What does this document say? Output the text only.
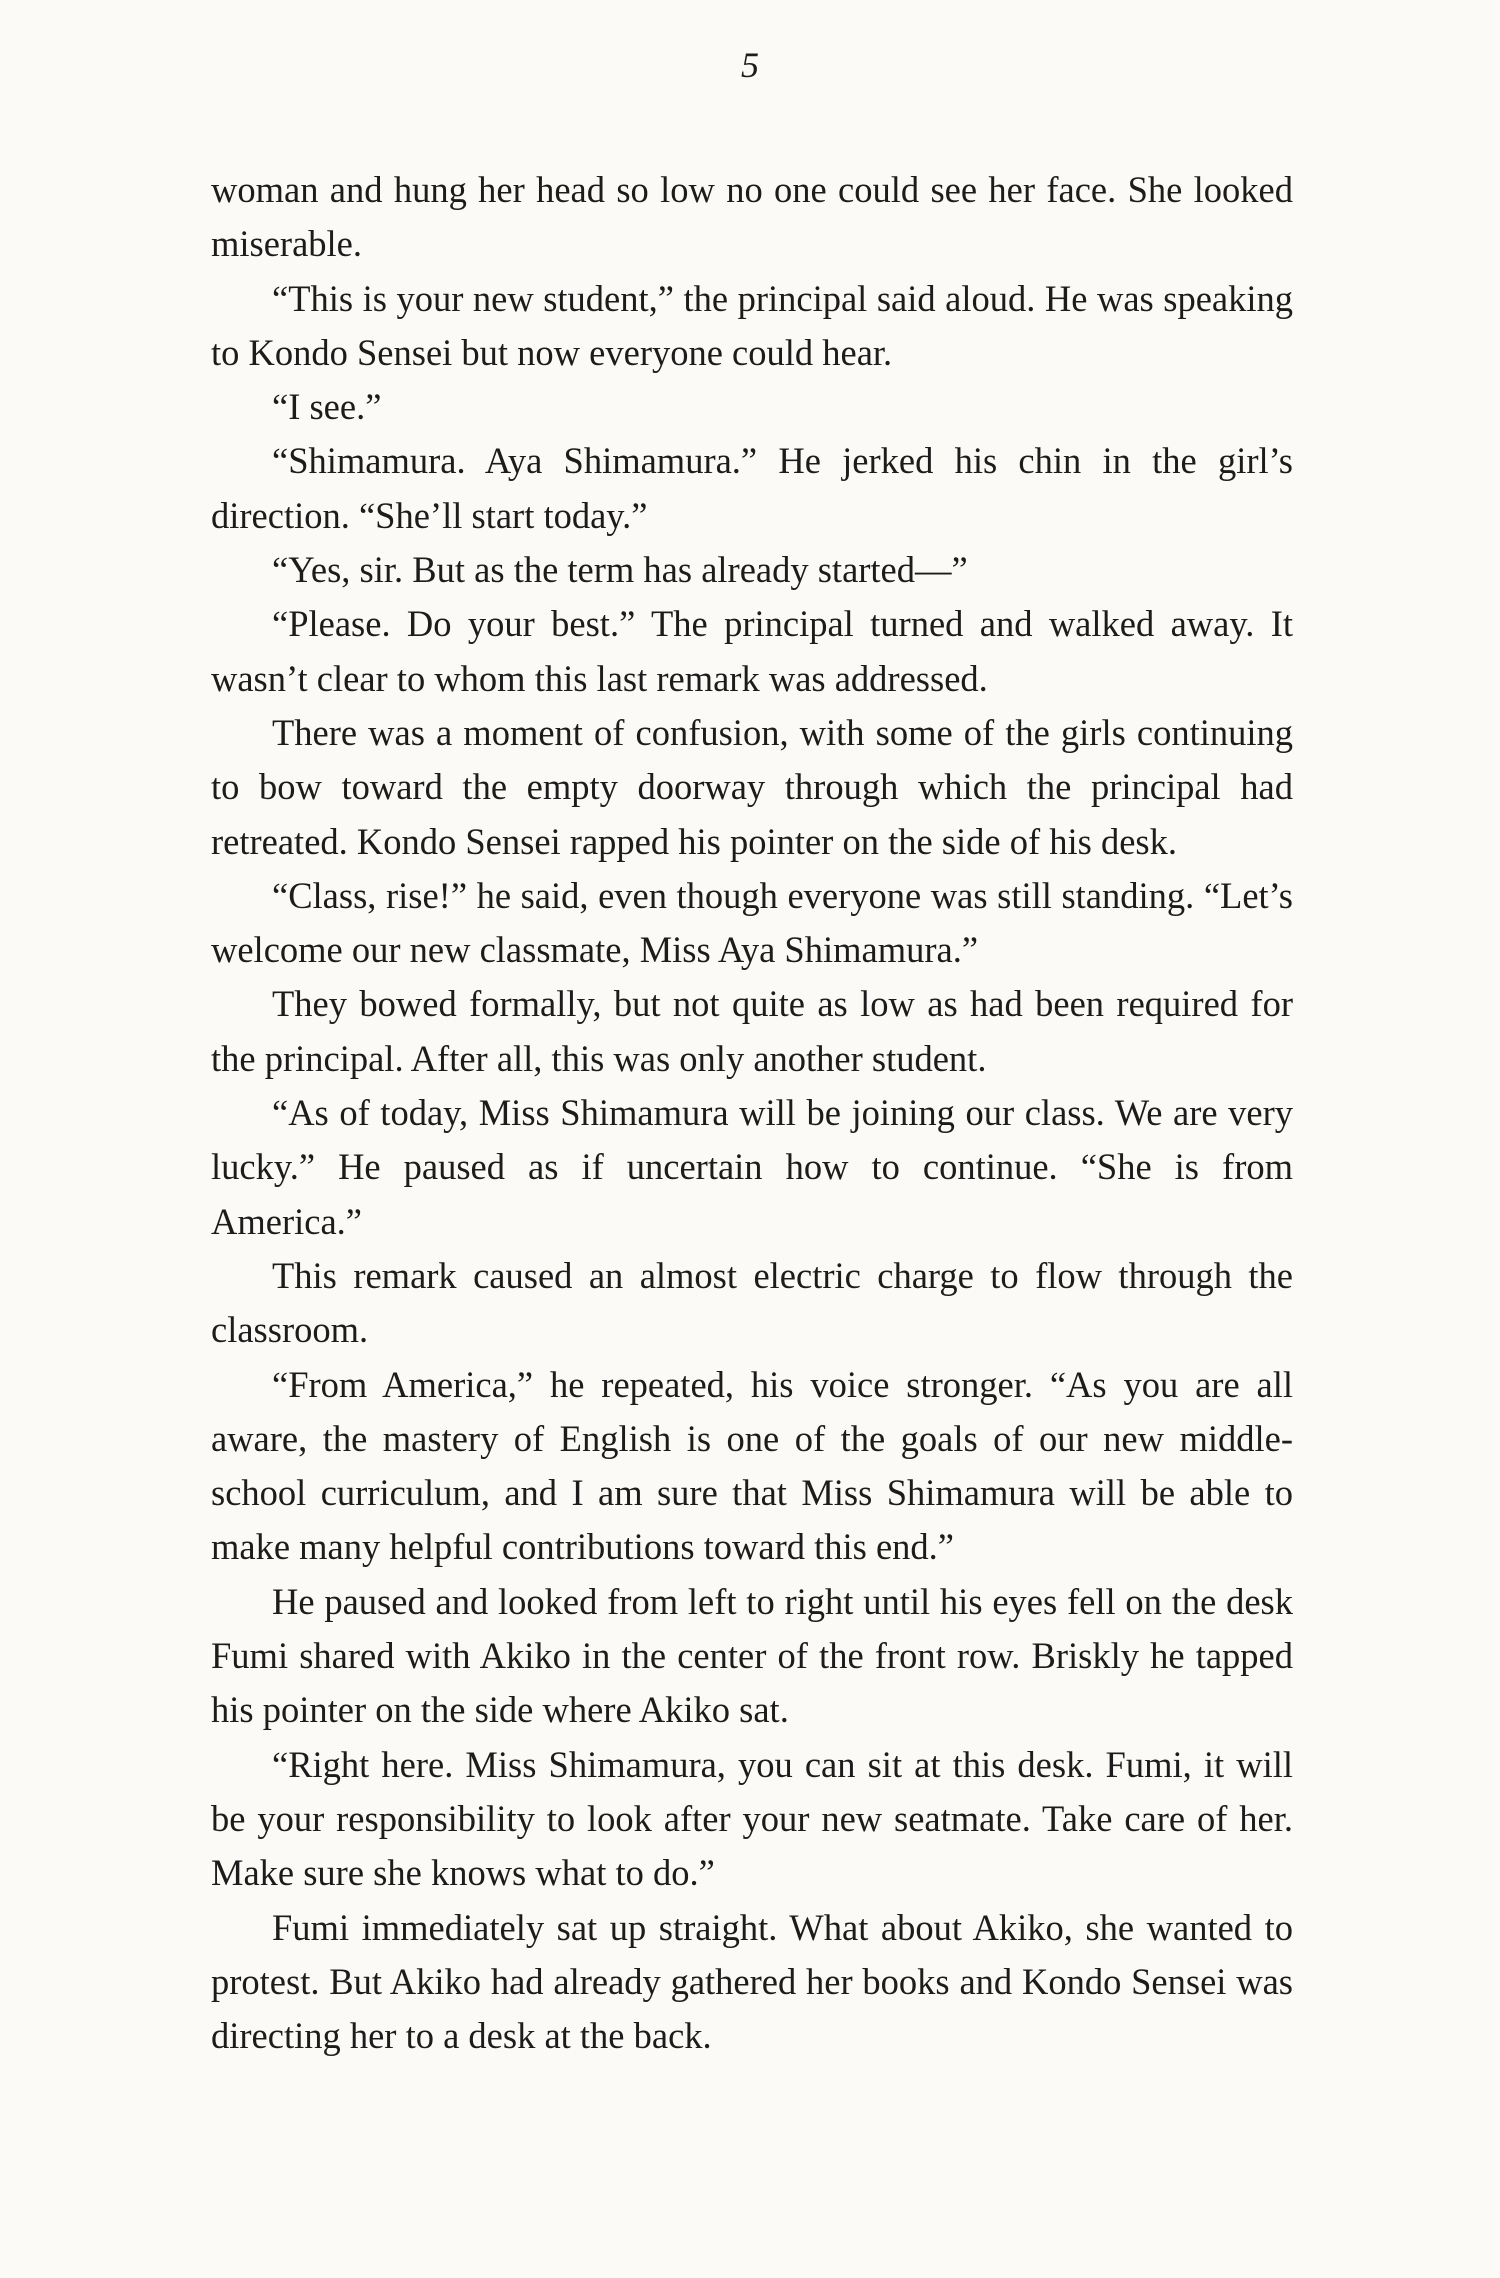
5

woman and hung her head so low no one could see her face. She looked miserable.

“This is your new student,” the principal said aloud. He was speaking to Kondo Sensei but now everyone could hear.

“I see.”

“Shimamura. Aya Shimamura.” He jerked his chin in the girl’s direction. “She’ll start today.”

“Yes, sir. But as the term has already started—”

“Please. Do your best.” The principal turned and walked away. It wasn’t clear to whom this last remark was addressed.

There was a moment of confusion, with some of the girls continuing to bow toward the empty doorway through which the principal had retreated. Kondo Sensei rapped his pointer on the side of his desk.

“Class, rise!” he said, even though everyone was still standing. “Let’s welcome our new classmate, Miss Aya Shimamura.”

They bowed formally, but not quite as low as had been required for the principal. After all, this was only another student.

“As of today, Miss Shimamura will be joining our class. We are very lucky.” He paused as if uncertain how to continue. “She is from America.”

This remark caused an almost electric charge to flow through the classroom.

“From America,” he repeated, his voice stronger. “As you are all aware, the mastery of English is one of the goals of our new middle-school curriculum, and I am sure that Miss Shimamura will be able to make many helpful contributions toward this end.”

He paused and looked from left to right until his eyes fell on the desk Fumi shared with Akiko in the center of the front row. Briskly he tapped his pointer on the side where Akiko sat.

“Right here. Miss Shimamura, you can sit at this desk. Fumi, it will be your responsibility to look after your new seatmate. Take care of her. Make sure she knows what to do.”

Fumi immediately sat up straight. What about Akiko, she wanted to protest. But Akiko had already gathered her books and Kondo Sensei was directing her to a desk at the back.
